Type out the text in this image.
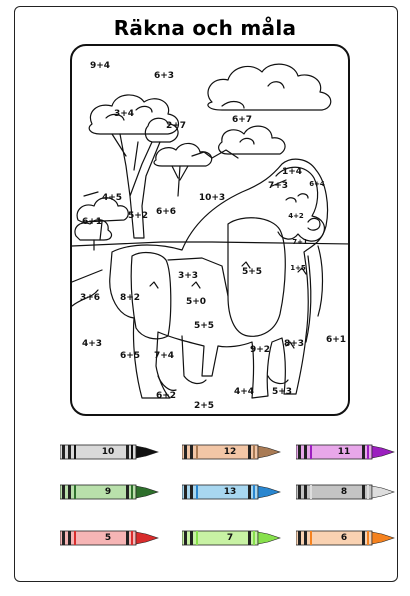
Räkna och måla
9+4
6+3
3+4
2+7
6+7
1+4
7+3	6+4
4+5	10+3
5+2
6+1
6+6	4+2
7+1
1+5
3+3	5+5
3+6 8+2	5+0
5+5
4+3
9+2
8+3 6+1
6+5 7+4
4+4 5+3
6+2
2+5
10	12	11
9	13	8
5	7	6
